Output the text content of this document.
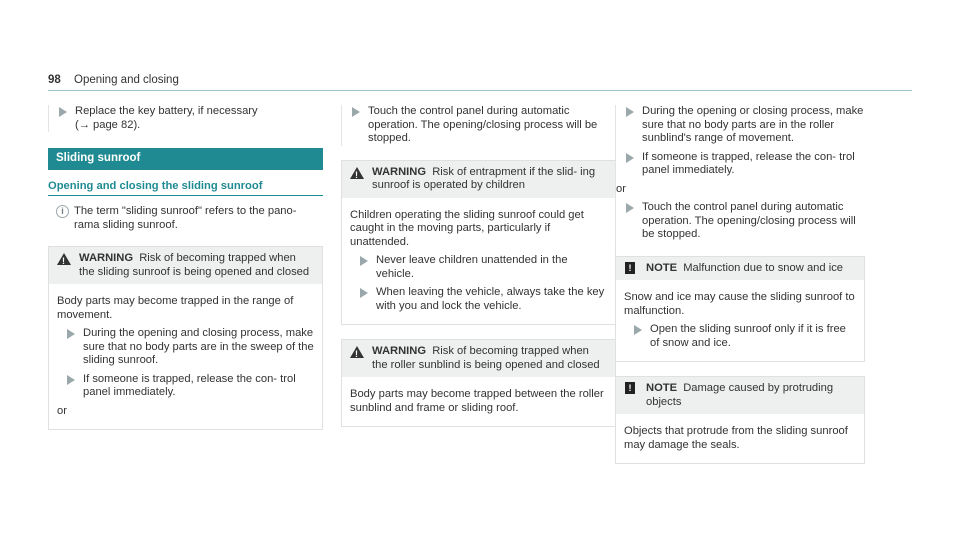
98 Opening and closing
Replace the key battery, if necessary
(→ page 82).
Sliding sunroof
Opening and closing the sliding sunroof
i The term "sliding sunroof" refers to the pano- rama sliding sunroof.
!
WARNING Risk of becoming trapped when the sliding sunroof is being opened and closed
Body parts may become trapped in the range of movement.
During the opening and closing process, make sure that no body parts are in the sweep of the sliding sunroof.
If someone is trapped, release the con- trol panel immediately.
or
Touch the control panel during automatic operation. The opening/closing process will be stopped.
!
WARNING Risk of entrapment if the slid- ing sunroof is operated by children
Children operating the sliding sunroof could get caught in the moving parts, particularly if unattended.
Never leave children unattended in the vehicle.
When leaving the vehicle, always take the key with you and lock the vehicle.
!
WARNING Risk of becoming trapped when the roller sunblind is being opened and closed
Body parts may become trapped between the roller sunblind and frame or sliding roof.
During the opening or closing process, make sure that no body parts are in the roller sunblind's range of movement.
If someone is trapped, release the con- trol panel immediately.
or
Touch the control panel during automatic operation. The opening/closing process will be stopped.
!	NOTE Malfunction due to snow and ice
Snow and ice may cause the sliding sunroof to malfunction.
Open the sliding sunroof only if it is free of snow and ice.
!	NOTE Damage caused by protruding objects
Objects that protrude from the sliding sunroof may damage the seals.
